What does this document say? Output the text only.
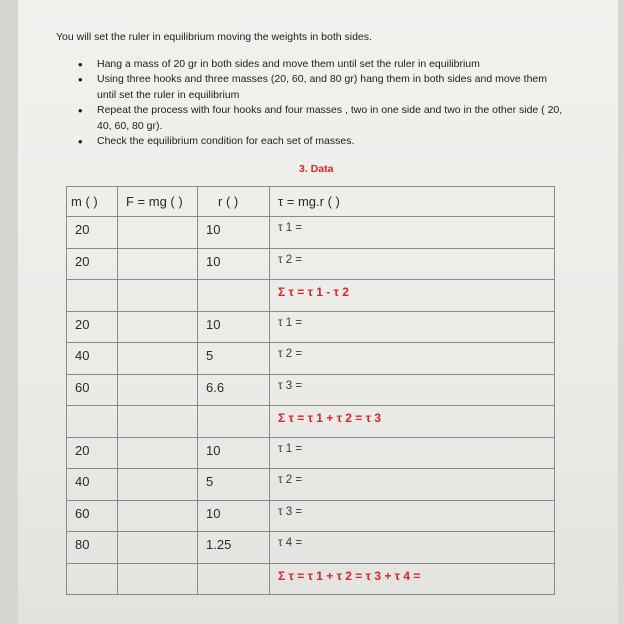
You will set the ruler in equilibrium moving the weights in both sides.
• Hang a mass of 20 gr in both sides and move them until set the ruler in equilibrium
• Using three hooks and three masses (20, 60, and 80 gr) hang them in both sides and move them until set the ruler in equilibrium
• Repeat the process with four hooks and four masses , two in one side and two in the other side ( 20, 40, 60, 80 gr).
• Check the equilibrium condition for each set of masses.
3. Data
m ( )	F = mg ( )	r ( )	τ = mg.r ( )
20		10	τ 1 =
20		10	τ 2 =
			Σ τ = τ 1 - τ 2
20		10	τ 1 =
40		5	τ 2 =
60		6.6	τ 3 =
			Σ τ = τ 1 + τ 2 = τ 3
20		10	τ 1 =
40		5	τ 2 =
60		10	τ 3 =
80		1.25	τ 4 =
			Σ τ = τ 1 + τ 2 = τ 3 + τ 4 =
